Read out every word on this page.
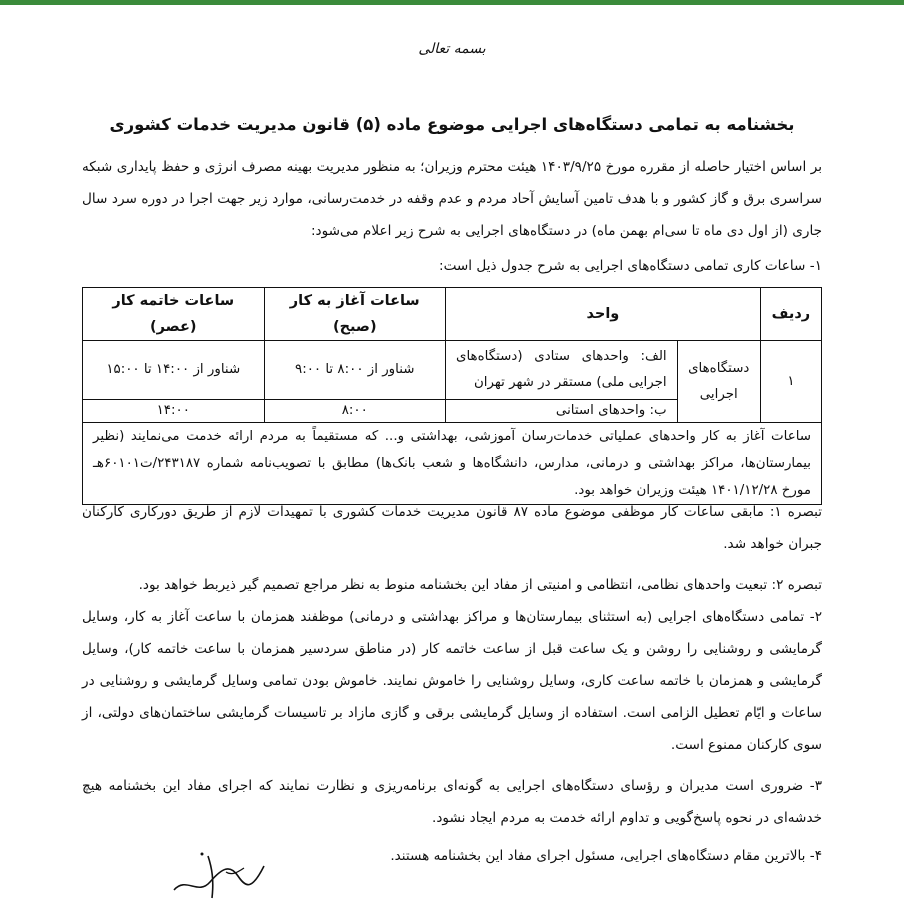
بسمه تعالی
بخشنامه به تمامی دستگاه‌های اجرایی موضوع ماده (۵) قانون مدیریت خدمات کشوری

بر اساس اختیار حاصله از مقرره مورخ ۱۴۰۳/۹/۲۵ هیئت محترم وزیران؛ به منظور مدیریت بهینه مصرف انرژی و حفظ پایداری شبکه سراسری برق و گاز کشور و با هدف تامین آسایش آحاد مردم و عدم وقفه در خدمت‌رسانی، موارد زیر جهت اجرا در دوره سرد سال جاری (از اول دی ماه تا سی‌ام بهمن ماه) در دستگاه‌های اجرایی به شرح زیر اعلام می‌شود:

۱- ساعات کاری تمامی دستگاه‌های اجرایی به شرح جدول ذیل است:

ردیف	واحد		ساعات آغاز به کار (صبح)	ساعات خاتمه کار (عصر)
۱	دستگاه‌های اجرایی	الف: واحدهای ستادی (دستگاه‌های اجرایی ملی) مستقر در شهر تهران	شناور از ۸:۰۰ تا ۹:۰۰	شناور از ۱۴:۰۰ تا ۱۵:۰۰
		ب: واحدهای استانی	۸:۰۰	۱۴:۰۰
ساعات آغاز به کار واحدهای عملیاتی خدمات‌رسان آموزشی، بهداشتی و... که مستقیماً به مردم ارائه خدمت می‌نمایند (نظیر بیمارستان‌ها، مراکز بهداشتی و درمانی، مدارس، دانشگاه‌ها و شعب بانک‌ها) مطابق با تصویب‌نامه شماره ۲۴۳۱۸۷/ت۶۰۱۰۱هـ مورخ ۱۴۰۱/۱۲/۲۸ هیئت وزیران خواهد بود.				

تبصره ۱: مابقی ساعات کار موظفی موضوع ماده ۸۷ قانون مدیریت خدمات کشوری با تمهیدات لازم از طریق دورکاری کارکنان جبران خواهد شد.

تبصره ۲: تبعیت واحدهای نظامی، انتظامی و امنیتی از مفاد این بخشنامه منوط به نظر مراجع تصمیم گیر ذیربط خواهد بود.

۲- تمامی دستگاه‌های اجرایی (به استثنای بیمارستان‌ها و مراکز بهداشتی و درمانی) موظفند همزمان با ساعت آغاز به کار، وسایل گرمایشی و روشنایی را روشن و یک ساعت قبل از ساعت خاتمه کار (در مناطق سردسیر همزمان با ساعت خاتمه کار)، وسایل گرمایشی و همزمان با خاتمه ساعت کاری، وسایل روشنایی را خاموش نمایند. خاموش بودن تمامی وسایل گرمایشی و روشنایی در ساعات و ایّام تعطیل الزامی است. استفاده از وسایل گرمایشی برقی و گازی مازاد بر تاسیسات گرمایشی ساختمان‌های دولتی، از سوی کارکنان ممنوع است.

۳- ضروری است مدیران و رؤسای دستگاه‌های اجرایی به گونه‌ای برنامه‌ریزی و نظارت نمایند که اجرای مفاد این بخشنامه هیچ خدشه‌ای در نحوه پاسخ‌گویی و تداوم ارائه خدمت به مردم ایجاد نشود.

۴- بالاترین مقام دستگاه‌های اجرایی، مسئول اجرای مفاد این بخشنامه هستند.
